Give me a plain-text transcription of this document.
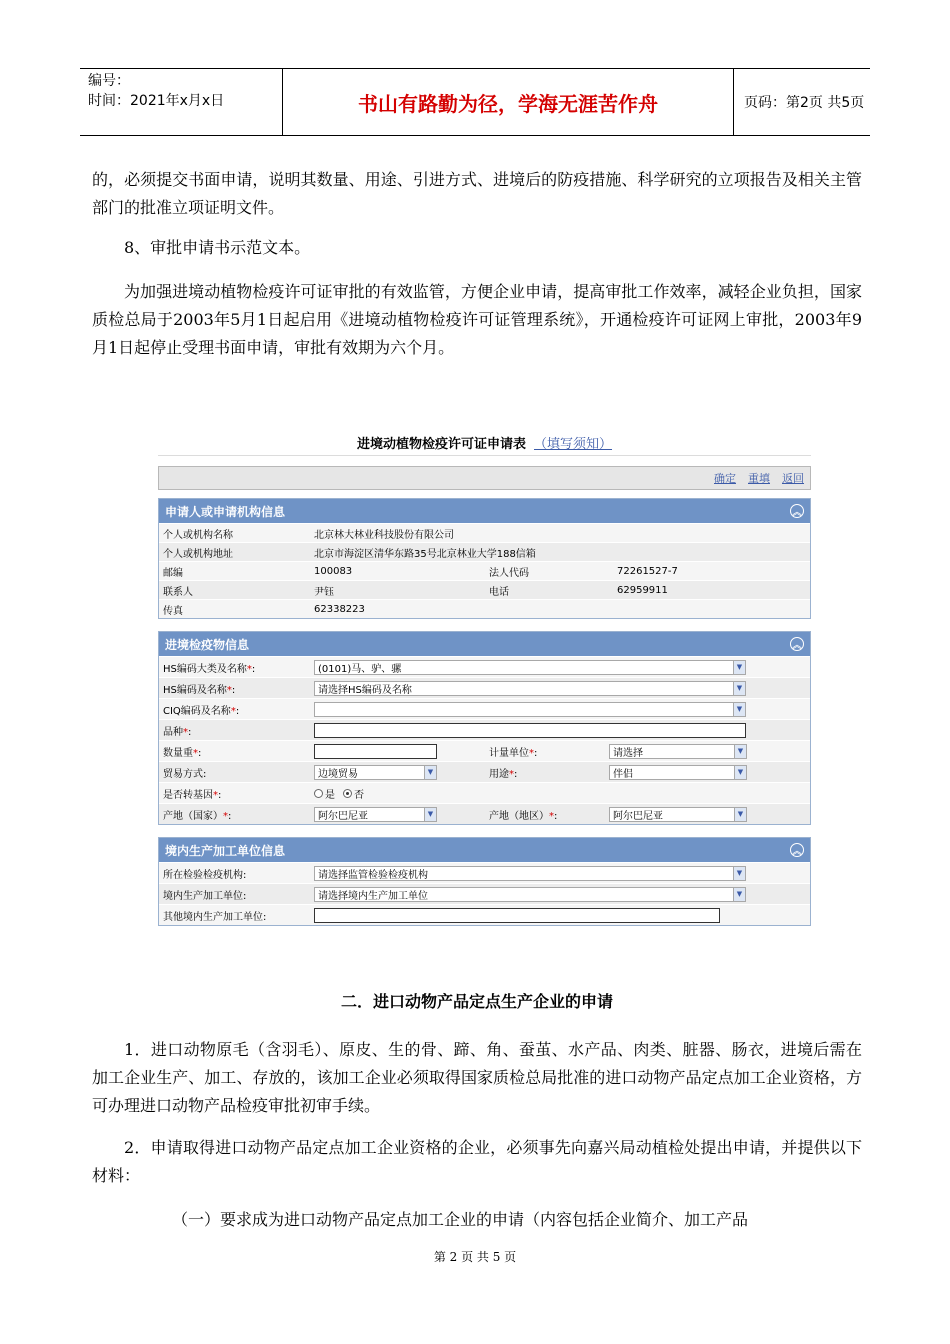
编号：
时间：2021年x月x日	书山有路勤为径，学海无涯苦作舟	页码：第2页 共5页
的，必须提交书面申请，说明其数量、用途、引进方式、进境后的防疫措施、科学研究的立项报告及相关主管部门的批准立项证明文件。
8、审批申请书示范文本。
为加强进境动植物检疫许可证审批的有效监管，方便企业申请，提高审批工作效率，减轻企业负担，国家质检总局于2003年5月1日起启用《进境动植物检疫许可证管理系统》，开通检疫许可证网上审批，2003年9月1日起停止受理书面申请，审批有效期为六个月。
进境动植物检疫许可证申请表 （填写须知）
确定 重填 返回
申请人或申请机构信息	︽
个人或机构名称	北京林大林业科技股份有限公司
个人或机构地址	北京市海淀区清华东路35号北京林业大学188信箱
邮编	100083	法人代码	72261527-7
联系人	尹钰	电话	62959911
传真	62338223
进境检疫物信息	︽
HS编码大类及名称*:	(0101)马、驴、骡	▼
HS编码及名称*:	请选择HS编码及名称	▼
CIQ编码及名称*:	▼
品种*:
数量重*:	计量单位*:	请选择	▼
贸易方式:	边境贸易	▼	用途*:	伴侣	▼
是否转基因*:	是 否
产地（国家）*:	阿尔巴尼亚	▼	产地（地区）*:	阿尔巴尼亚	▼
境内生产加工单位信息	︽
所在检验检疫机构:	请选择监管检验检疫机构	▼
境内生产加工单位:	请选择境内生产加工单位	▼
其他境内生产加工单位:
二．进口动物产品定点生产企业的申请
1．进口动物原毛（含羽毛）、原皮、生的骨、蹄、角、蚕茧、水产品、肉类、脏器、肠衣，进境后需在加工企业生产、加工、存放的，该加工企业必须取得国家质检总局批准的进口动物产品定点加工企业资格，方可办理进口动物产品检疫审批初审手续。
2．申请取得进口动物产品定点加工企业资格的企业，必须事先向嘉兴局动植检处提出申请，并提供以下材料：
（一）要求成为进口动物产品定点加工企业的申请（内容包括企业简介、加工产品
第 2 页 共 5 页
